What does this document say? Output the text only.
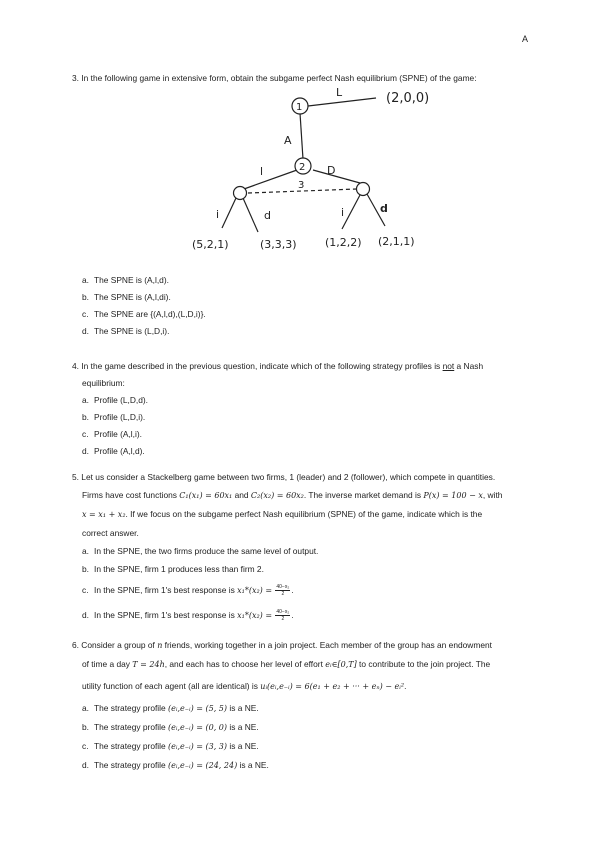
A
3. In the following game in extensive form, obtain the subgame perfect Nash equilibrium (SPNE) of the game:
1
2
3
L
A
l	D
i	d	i	d
(2,0,0)
(5,2,1)	(3,3,3)	(1,2,2) (2,1,1)
a. The SPNE is (A,l,d).
b. The SPNE is (A,l,di).
c. The SPNE are {(A,l,d),(L,D,i)}.
d. The SPNE is (L,D,i).
4. In the game described in the previous question, indicate which of the following strategy profiles is not a Nash
equilibrium:
a. Profile (L,D,d).
b. Profile (L,D,i).
c. Profile (A,l,i).
d. Profile (A,l,d).
5. Let us consider a Stackelberg game between two firms, 1 (leader) and 2 (follower), which compete in quantities.
Firms have cost functions C₁(x₁) = 60x₁ and C₂(x₂) = 60x₂. The inverse market demand is P(x) = 100 − x, with
x = x₁ + x₂. If we focus on the subgame perfect Nash equilibrium (SPNE) of the game, indicate which is the
correct answer.
a. In the SPNE, the two firms produce the same level of output.
b. In the SPNE, firm 1 produces less than firm 2.
c. In the SPNE, firm 1's best response is $x_1*(x_2) = \frac{\text{40−x₂}}{2}$ .
d. In the SPNE, firm 1's best response is $x_1*(x_2) = \frac{\text{40−x₂}}{2}$ .
6. Consider a group of n friends, working together in a join project. Each member of the group has an endowment
of time a day T = 24h, and each has to choose her level of effort eᵢ∈[0,T] to contribute to the join project. The
utility function of each agent (all are identical) is uᵢ(eᵢ,e₋ᵢ) = 6(e₁ + e₂ + ··· + eₙ) − eᵢ².
a. The strategy profile (eᵢ,e₋ᵢ) = (5, 5) is a NE.
b. The strategy profile (eᵢ,e₋ᵢ) = (0, 0) is a NE.
c. The strategy profile (eᵢ,e₋ᵢ) = (3, 3) is a NE.
d. The strategy profile (eᵢ,e₋ᵢ) = (24, 24) is a NE.
